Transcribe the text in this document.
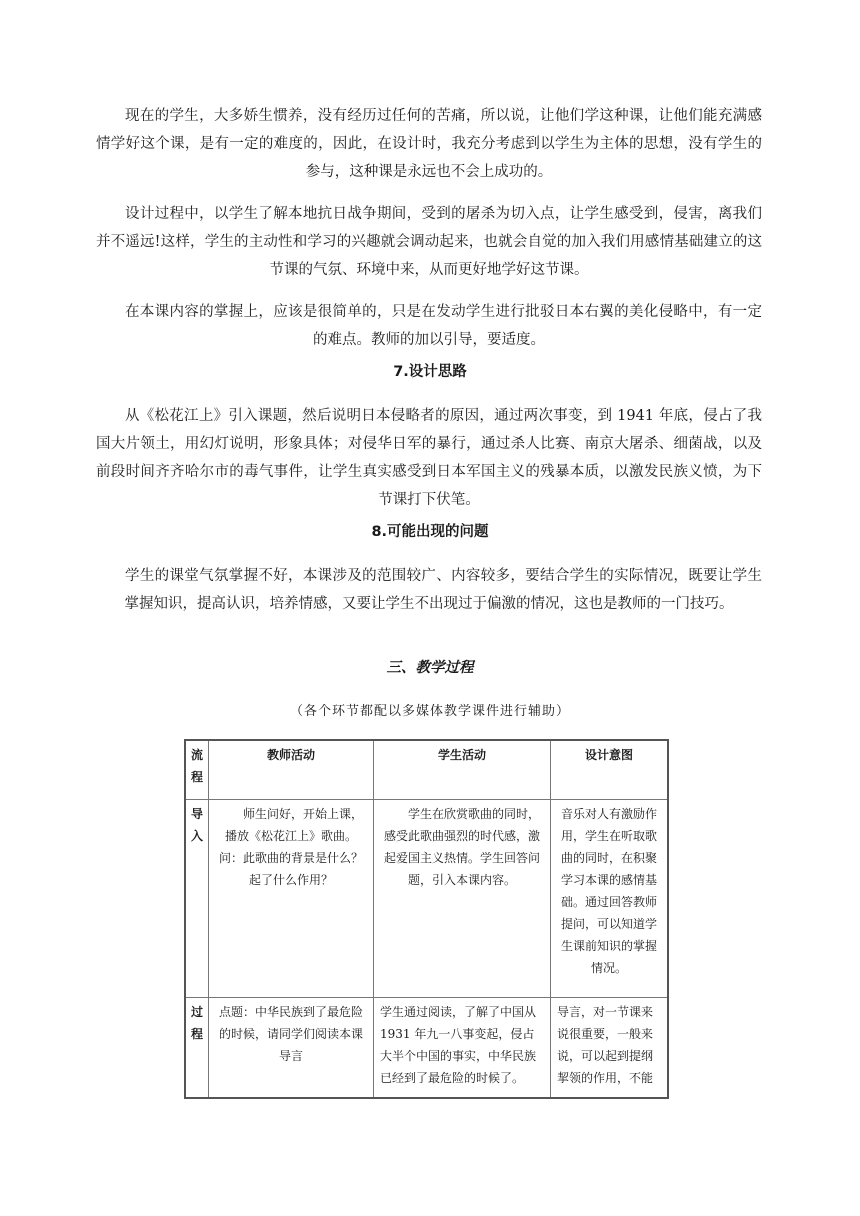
现在的学生，大多娇生惯养，没有经历过任何的苦痛，所以说，让他们学这种课，让他们能充满感情学好这个课，是有一定的难度的，因此，在设计时，我充分考虑到以学生为主体的思想，没有学生的参与，这种课是永远也不会上成功的。

设计过程中，以学生了解本地抗日战争期间，受到的屠杀为切入点，让学生感受到，侵害，离我们并不遥远!这样，学生的主动性和学习的兴趣就会调动起来，也就会自觉的加入我们用感情基础建立的这节课的气氛、环境中来，从而更好地学好这节课。

在本课内容的掌握上，应该是很简单的，只是在发动学生进行批驳日本右翼的美化侵略中，有一定的难点。教师的加以引导，要适度。

7.设计思路

从《松花江上》引入课题，然后说明日本侵略者的原因，通过两次事变，到 1941 年底，侵占了我国大片领土，用幻灯说明，形象具体；对侵华日军的暴行，通过杀人比赛、南京大屠杀、细菌战，以及前段时间齐齐哈尔市的毒气事件，让学生真实感受到日本军国主义的残暴本质，以激发民族义愤，为下节课打下伏笔。

8.可能出现的问题

学生的课堂气氛掌握不好，本课涉及的范围较广、内容较多，要结合学生的实际情况，既要让学生掌握知识，提高认识，培养情感，又要让学生不出现过于偏激的情况，这也是教师的一门技巧。

三、教学过程

（各个环节都配以多媒体教学课件进行辅助）

流程	教师活动	学生活动	设计意图
导入	师生问好，开始上课，播放《松花江上》歌曲。问：此歌曲的背景是什么？起了什么作用？	学生在欣赏歌曲的同时，感受此歌曲强烈的时代感，激起爱国主义热情。学生回答问题，引入本课内容。	音乐对人有激励作用，学生在听取歌曲的同时，在积聚学习本课的感情基础。通过回答教师提问，可以知道学生课前知识的掌握情况。

过程	点题：中华民族到了最危险的时候，请同学们阅读本课导言	学生通过阅读，了解了中国从 1931 年九一八事变起，侵占大半个中国的事实，中华民族已经到了最危险的时候了。	导言，对一节课来说很重要，一般来说，可以起到提纲挈领的作用，不能
